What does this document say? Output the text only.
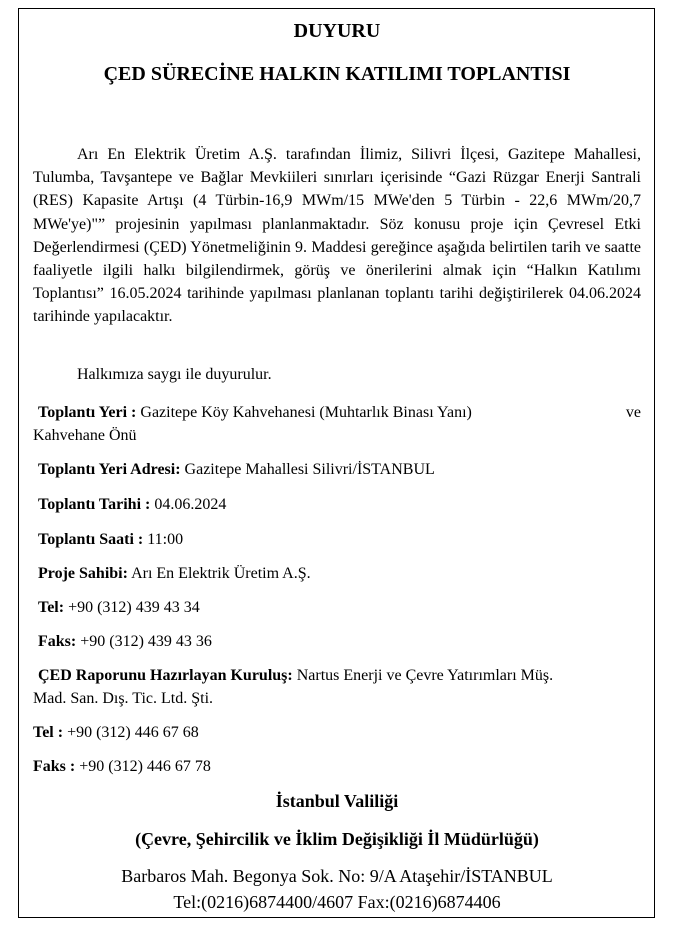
DUYURU
ÇED SÜRECİNE HALKIN KATILIMI TOPLANTISI

Arı En Elektrik Üretim A.Ş. tarafından İlimiz, Silivri İlçesi, Gazitepe Mahallesi, Tulumba, Tavşantepe ve Bağlar Mevkiileri sınırları içerisinde “Gazi Rüzgar Enerji Santrali (RES) Kapasite Artışı (4 Türbin-16,9 MWm/15 MWe'den 5 Türbin - 22,6 MWm/20,7 MWe'ye)"” projesinin yapılması planlanmaktadır. Söz konusu proje için Çevresel Etki Değerlendirmesi (ÇED) Yönetmeliğinin 9. Maddesi gereğince aşağıda belirtilen tarih ve saatte faaliyetle ilgili halkı bilgilendirmek, görüş ve önerilerini almak için “Halkın Katılımı Toplantısı” 16.05.2024 tarihinde yapılması planlanan toplantı tarihi değiştirilerek 04.06.2024 tarihinde yapılacaktır.

Halkımıza saygı ile duyurulur.
Toplantı Yeri : Gazitepe Köy Kahvehanesi (Muhtarlık Binası Yanı)	ve
Kahvehane Önü
Toplantı Yeri Adresi: Gazitepe Mahallesi Silivri/İSTANBUL
Toplantı Tarihi : 04.06.2024
Toplantı Saati : 11:00
Proje Sahibi: Arı En Elektrik Üretim A.Ş.
Tel: +90 (312) 439 43 34
Faks: +90 (312) 439 43 36
ÇED Raporunu Hazırlayan Kuruluş: Nartus Enerji ve Çevre Yatırımları Müş.
Mad. San. Dış. Tic. Ltd. Şti.
Tel : +90 (312) 446 67 68
Faks : +90 (312) 446 67 78
İstanbul Valiliği
(Çevre, Şehircilik ve İklim Değişikliği İl Müdürlüğü)
Barbaros Mah. Begonya Sok. No: 9/A Ataşehir/İSTANBUL
Tel:(0216)6874400/4607 Fax:(0216)6874406
